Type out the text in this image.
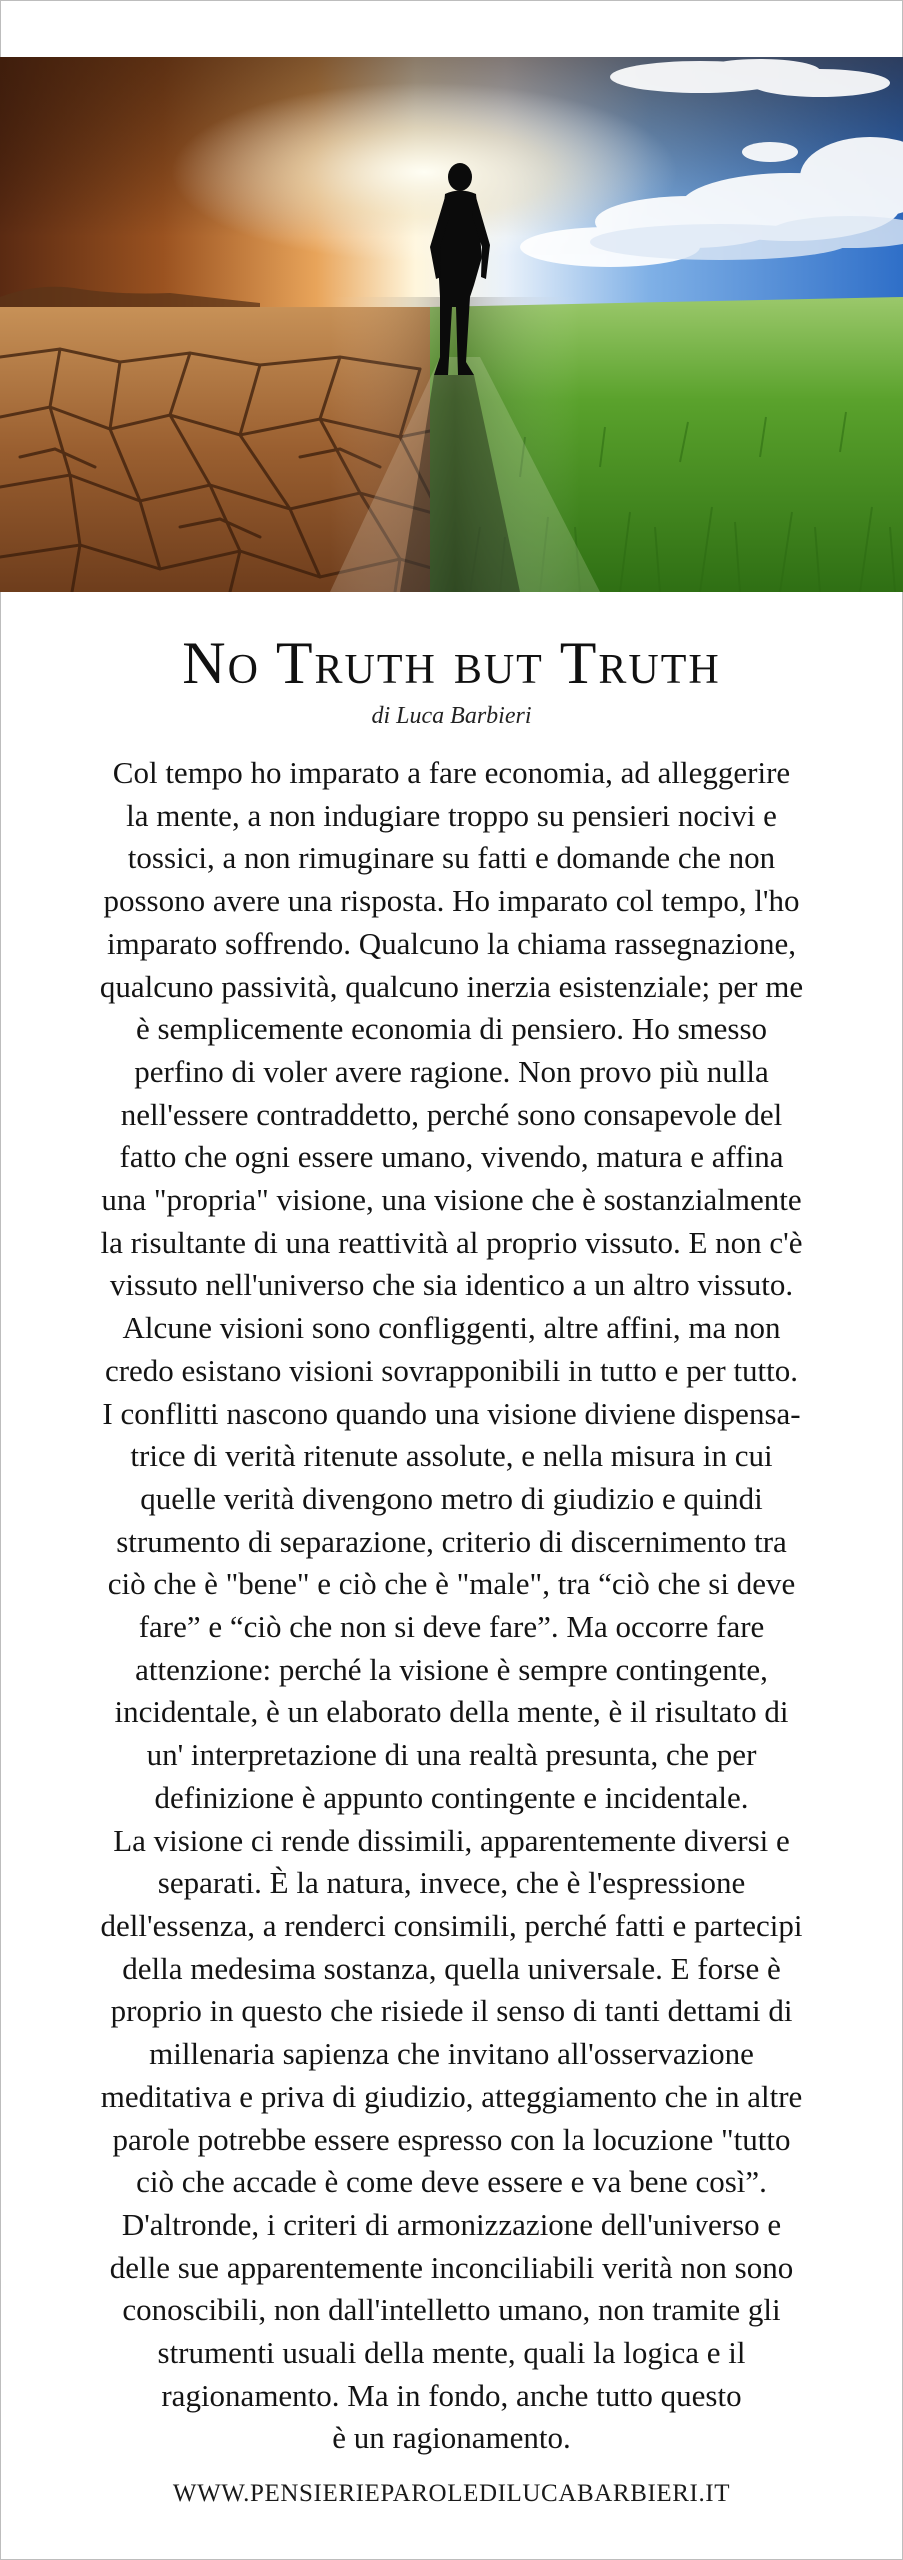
No Truth but Truth
di Luca Barbieri
Col tempo ho imparato a fare economia, ad alleggerire
la mente, a non indugiare troppo su pensieri nocivi e
tossici, a non rimuginare su fatti e domande che non
possono avere una risposta. Ho imparato col tempo, l'ho
imparato soffrendo. Qualcuno la chiama rassegnazione,
qualcuno passività, qualcuno inerzia esistenziale; per me
è semplicemente economia di pensiero. Ho smesso
perfino di voler avere ragione. Non provo più nulla
nell'essere contraddetto, perché sono consapevole del
fatto che ogni essere umano, vivendo, matura e affina
una "propria" visione, una visione che è sostanzialmente
la risultante di una reattività al proprio vissuto. E non c'è
vissuto nell'universo che sia identico a un altro vissuto.
Alcune visioni sono confliggenti, altre affini, ma non
credo esistano visioni sovrapponibili in tutto e per tutto.
I conflitti nascono quando una visione diviene dispensa-
trice di verità ritenute assolute, e nella misura in cui
quelle verità divengono metro di giudizio e quindi
strumento di separazione, criterio di discernimento tra
ciò che è "bene" e ciò che è "male", tra “ciò che si deve
fare” e “ciò che non si deve fare”. Ma occorre fare
attenzione: perché la visione è sempre contingente,
incidentale, è un elaborato della mente, è il risultato di
un' interpretazione di una realtà presunta, che per
definizione è appunto contingente e incidentale.
La visione ci rende dissimili, apparentemente diversi e
separati. È la natura, invece, che è l'espressione
dell'essenza, a renderci consimili, perché fatti e partecipi
della medesima sostanza, quella universale. E forse è
proprio in questo che risiede il senso di tanti dettami di
millenaria sapienza che invitano all'osservazione
meditativa e priva di giudizio, atteggiamento che in altre
parole potrebbe essere espresso con la locuzione "tutto
ciò che accade è come deve essere e va bene così”.
D'altronde, i criteri di armonizzazione dell'universo e
delle sue apparentemente inconciliabili verità non sono
conoscibili, non dall'intelletto umano, non tramite gli
strumenti usuali della mente, quali la logica e il
ragionamento. Ma in fondo, anche tutto questo
è un ragionamento.
WWW.PENSIERIEPAROLEDILUCABARBIERI.IT
